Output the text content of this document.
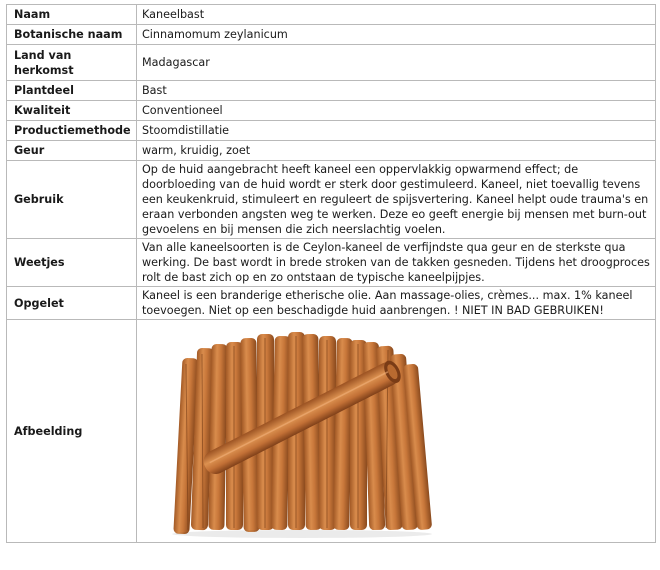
Naam	Kaneelbast
Botanische naam	Cinnamomum zeylanicum
Land van herkomst	Madagascar
Plantdeel	Bast
Kwaliteit	Conventioneel
Productiemethode	Stoomdistillatie
Geur	warm, kruidig, zoet
Gebruik	Op de huid aangebracht heeft kaneel een oppervlakkig opwarmend effect; de doorbloeding van de huid wordt er sterk door gestimuleerd. Kaneel, niet toevallig tevens een keukenkruid, stimuleert en reguleert de spijsvertering. Kaneel helpt oude trauma's en eraan verbonden angsten weg te werken. Deze eo geeft energie bij mensen met burn-out gevoelens en bij mensen die zich neerslachtig voelen.
Weetjes	Van alle kaneelsoorten is de Ceylon-kaneel de verfijndste qua geur en de sterkste qua werking. De bast wordt in brede stroken van de takken gesneden. Tijdens het droogproces rolt de bast zich op en zo ontstaan de typische kaneelpijpjes.
Opgelet	Kaneel is een branderige etherische olie. Aan massage-olies, crèmes... max. 1% kaneel toevoegen. Niet op een beschadigde huid aanbrengen. ! NIET IN BAD GEBRUIKEN!
Afbeelding	
